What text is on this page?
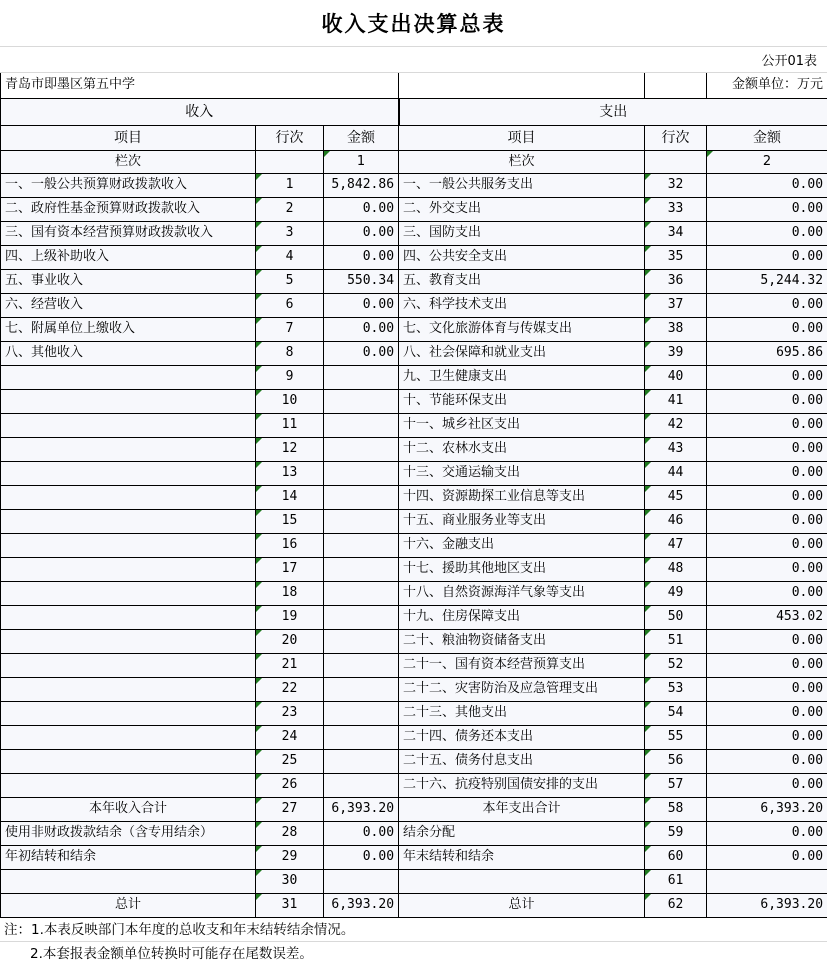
收入支出决算总表
公开01表
青岛市即墨区第五中学					金额单位：万元
收入			支出		
项目	行次	金额	项目	行次	金额
栏次		1	栏次		2
一、一般公共预算财政拨款收入	1	5,842.86	一、一般公共服务支出	32	0.00
二、政府性基金预算财政拨款收入	2	0.00	二、外交支出	33	0.00
三、国有资本经营预算财政拨款收入	3	0.00	三、国防支出	34	0.00
四、上级补助收入	4	0.00	四、公共安全支出	35	0.00
五、事业收入	5	550.34	五、教育支出	36	5,244.32
六、经营收入	6	0.00	六、科学技术支出	37	0.00
七、附属单位上缴收入	7	0.00	七、文化旅游体育与传媒支出	38	0.00
八、其他收入	8	0.00	八、社会保障和就业支出	39	695.86
	9		九、卫生健康支出	40	0.00
	10		十、节能环保支出	41	0.00
	11		十一、城乡社区支出	42	0.00
	12		十二、农林水支出	43	0.00
	13		十三、交通运输支出	44	0.00
	14		十四、资源勘探工业信息等支出	45	0.00
	15		十五、商业服务业等支出	46	0.00
	16		十六、金融支出	47	0.00
	17		十七、援助其他地区支出	48	0.00
	18		十八、自然资源海洋气象等支出	49	0.00
	19		十九、住房保障支出	50	453.02
	20		二十、粮油物资储备支出	51	0.00
	21		二十一、国有资本经营预算支出	52	0.00
	22		二十二、灾害防治及应急管理支出	53	0.00
	23		二十三、其他支出	54	0.00
	24		二十四、债务还本支出	55	0.00
	25		二十五、债务付息支出	56	0.00
	26		二十六、抗疫特别国债安排的支出	57	0.00
本年收入合计	27	6,393.20	本年支出合计	58	6,393.20
使用非财政拨款结余（含专用结余）	28	0.00	结余分配	59	0.00
年初结转和结余	29	0.00	年末结转和结余	60	0.00
	30			61	
总计	31	6,393.20	总计	62	6,393.20
注：1.本表反映部门本年度的总收支和年末结转结余情况。
2.本套报表金额单位转换时可能存在尾数误差。
